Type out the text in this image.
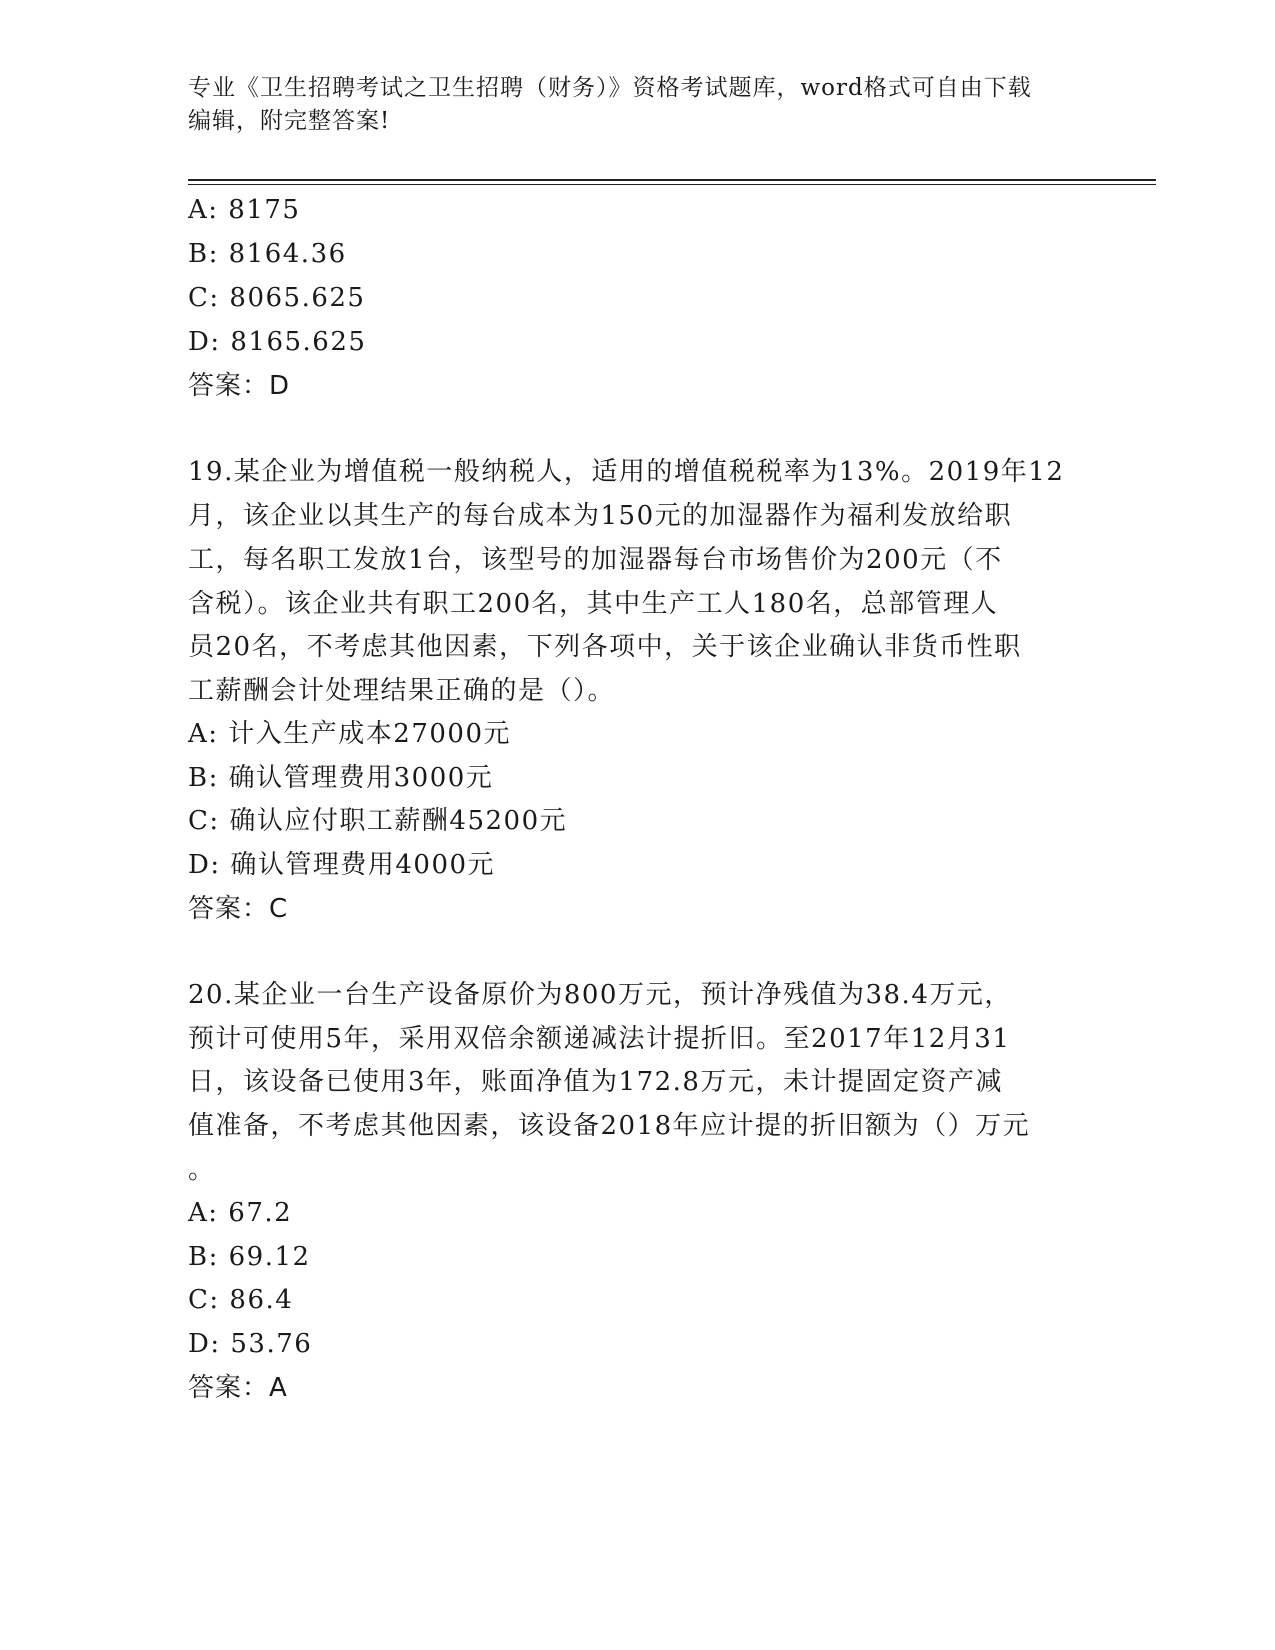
专业《卫生招聘考试之卫生招聘（财务）》资格考试题库，word格式可自由下载
编辑，附完整答案!
A: 8175
B: 8164.36
C: 8065.625
D: 8165.625
答案：D
19.某企业为增值税一般纳税人，适用的增值税税率为13%。2019年12
月，该企业以其生产的每台成本为150元的加湿器作为福利发放给职
工，每名职工发放1台，该型号的加湿器每台市场售价为200元（不
含税）。该企业共有职工200名，其中生产工人180名，总部管理人
员20名，不考虑其他因素，下列各项中，关于该企业确认非货币性职
工薪酬会计处理结果正确的是（）。
A: 计入生产成本27000元
B: 确认管理费用3000元
C: 确认应付职工薪酬45200元
D: 确认管理费用4000元
答案：C
20.某企业一台生产设备原价为800万元，预计净残值为38.4万元，
预计可使用5年，采用双倍余额递减法计提折旧。至2017年12月31
日，该设备已使用3年，账面净值为172.8万元，未计提固定资产减
值准备，不考虑其他因素，该设备2018年应计提的折旧额为（）万元
。
A: 67.2
B: 69.12
C: 86.4
D: 53.76
答案：A
